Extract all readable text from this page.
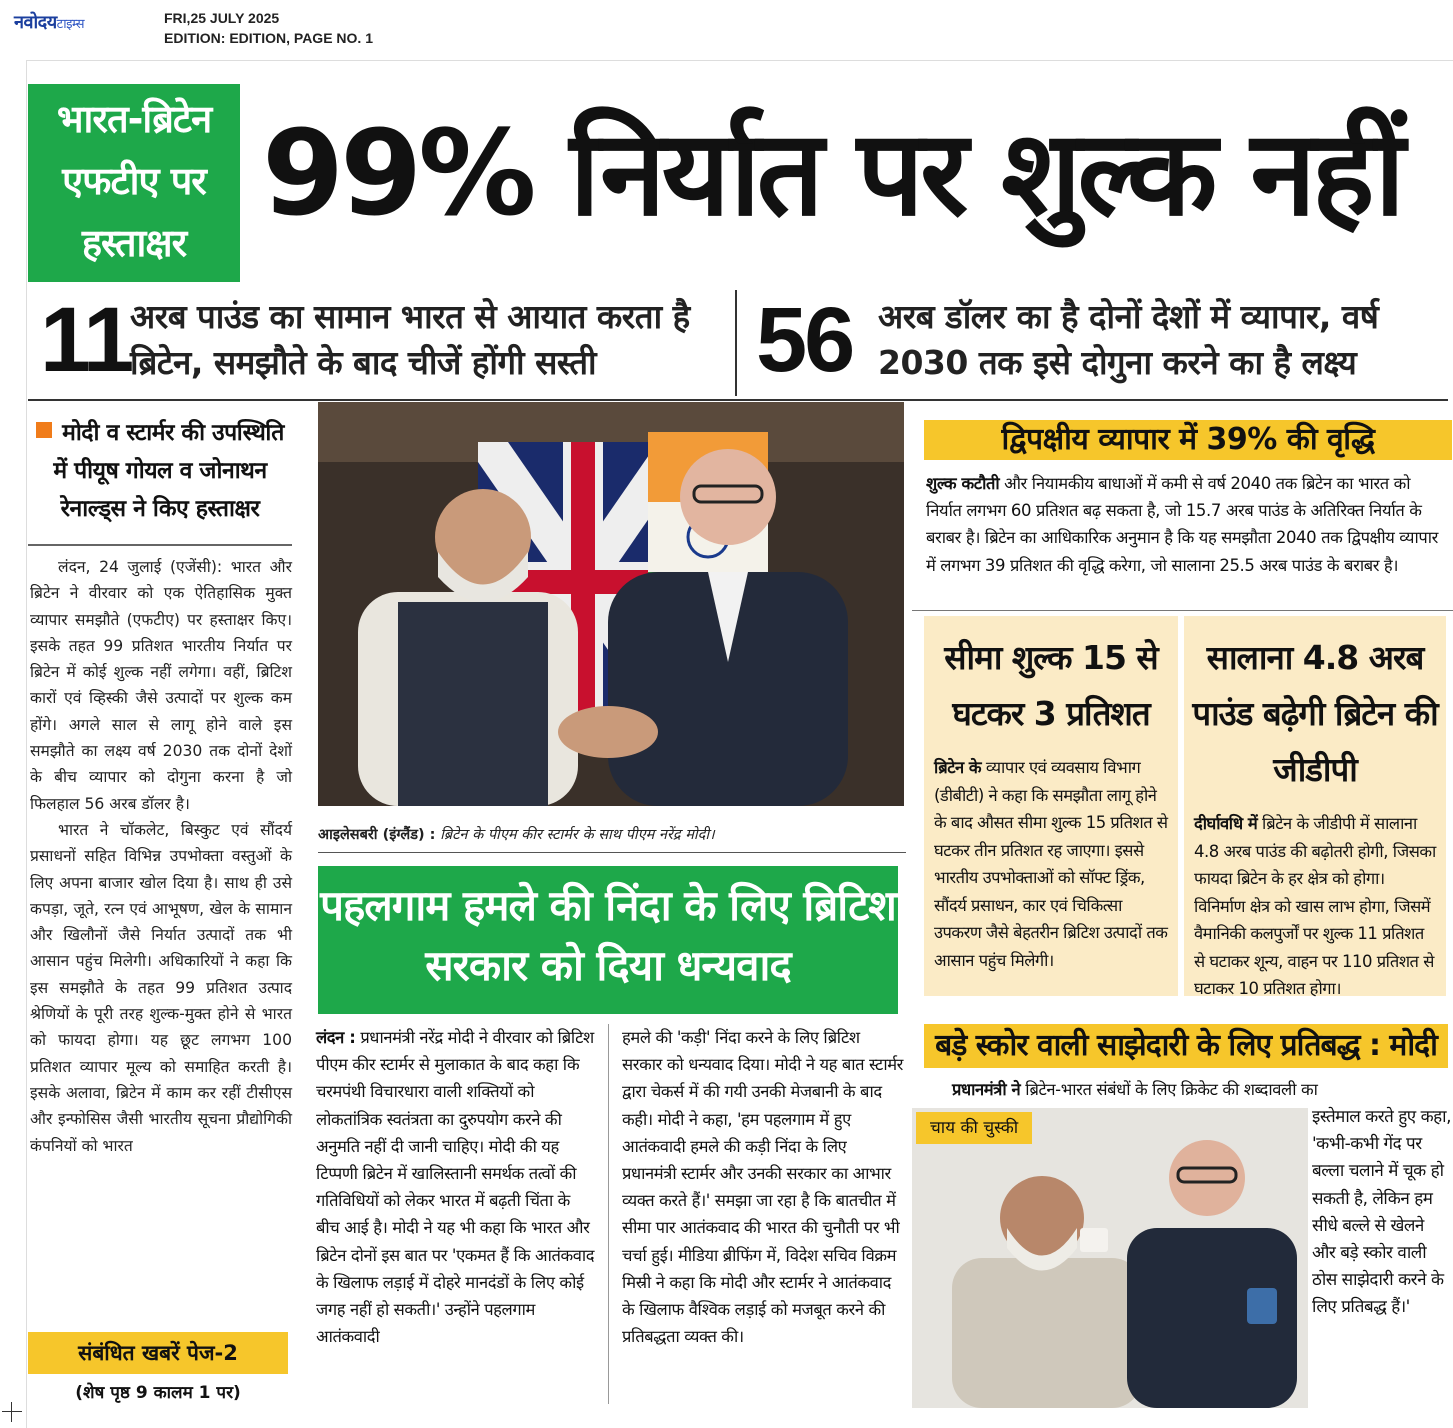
नवोदयटाइम्स	FRI,25 JULY 2025
EDITION: EDITION, PAGE NO. 1
भारत-ब्रिटेन एफटीए पर हस्ताक्षर
99% निर्यात पर शुल्क नहीं
11
अरब पाउंड का सामान भारत से आयात करता है ब्रिटेन, समझौते के बाद चीजें होंगी सस्ती	56 अरब डॉलर का है दोनों देशों में व्यापार, वर्ष 2030 तक इसे दोगुना करने का है लक्ष्य
मोदी व स्टार्मर की उपस्थिति में पीयूष गोयल व जोनाथन रेनाल्ड्स ने किए हस्ताक्षर

लंदन, 24 जुलाई (एजेंसी): भारत और ब्रिटेन ने वीरवार को एक ऐतिहासिक मुक्त व्यापार समझौते (एफटीए) पर हस्ताक्षर किए। इसके तहत 99 प्रतिशत भारतीय निर्यात पर ब्रिटेन में कोई शुल्क नहीं लगेगा। वहीं, ब्रिटिश कारों एवं व्हिस्की जैसे उत्पादों पर शुल्क कम होंगे। अगले साल से लागू होने वाले इस समझौते का लक्ष्य वर्ष 2030 तक दोनों देशों के बीच व्यापार को दोगुना करना है जो फिलहाल 56 अरब डॉलर है।

भारत ने चॉकलेट, बिस्कुट एवं सौंदर्य प्रसाधनों सहित विभिन्न उपभोक्ता वस्तुओं के लिए अपना बाजार खोल दिया है। साथ ही उसे कपड़ा, जूते, रत्न एवं आभूषण, खेल के सामान और खिलौनों जैसे निर्यात उत्पादों तक भी आसान पहुंच मिलेगी। अधिकारियों ने कहा कि इस समझौते के तहत 99 प्रतिशत उत्पाद श्रेणियों के पूरी तरह शुल्क-मुक्त होने से भारत को फायदा होगा। यह छूट लगभग 100 प्रतिशत व्यापार मूल्य को समाहित करती है। इसके अलावा, ब्रिटेन में काम कर रहीं टीसीएस और इन्फोसिस जैसी भारतीय सूचना प्रौद्योगिकी कंपनियों को भारत

संबंधित खबरें पेज-2
(शेष पृष्ठ 9 कालम 1 पर)
आइलेसबरी (इंग्लैंड) : ब्रिटेन के पीएम कीर स्टार्मर के साथ पीएम नरेंद्र मोदी।
पहलगाम हमले की निंदा के लिए ब्रिटिश सरकार को दिया धन्यवाद
लंदन : प्रधानमंत्री नरेंद्र मोदी ने वीरवार को ब्रिटिश पीएम कीर स्टार्मर से मुलाकात के बाद कहा कि चरमपंथी विचारधारा वाली शक्तियों को लोकतांत्रिक स्वतंत्रता का दुरुपयोग करने की अनुमति नहीं दी जानी चाहिए। मोदी की यह टिप्पणी ब्रिटेन में खालिस्तानी समर्थक तत्वों की गतिविधियों को लेकर भारत में बढ़ती चिंता के बीच आई है। मोदी ने यह भी कहा कि भारत और ब्रिटेन दोनों इस बात पर 'एकमत हैं कि आतंकवाद के खिलाफ लड़ाई में दोहरे मानदंडों के लिए कोई जगह नहीं हो सकती।' उन्होंने पहलगाम आतंकवादी
हमले की 'कड़ी' निंदा करने के लिए ब्रिटिश सरकार को धन्यवाद दिया। मोदी ने यह बात स्टार्मर द्वारा चेकर्स में की गयी उनकी मेजबानी के बाद कही। मोदी ने कहा, 'हम पहलगाम में हुए आतंकवादी हमले की कड़ी निंदा के लिए प्रधानमंत्री स्टार्मर और उनकी सरकार का आभार व्यक्त करते हैं।' समझा जा रहा है कि बातचीत में सीमा पार आतंकवाद की भारत की चुनौती पर भी चर्चा हुई। मीडिया ब्रीफिंग में, विदेश सचिव विक्रम मिस्री ने कहा कि मोदी और स्टार्मर ने आतंकवाद के खिलाफ वैश्विक लड़ाई को मजबूत करने की प्रतिबद्धता व्यक्त की।
द्विपक्षीय व्यापार में 39% की वृद्धि
शुल्क कटौती और नियामकीय बाधाओं में कमी से वर्ष 2040 तक ब्रिटेन का भारत को निर्यात लगभग 60 प्रतिशत बढ़ सकता है, जो 15.7 अरब पाउंड के अतिरिक्त निर्यात के बराबर है। ब्रिटेन का आधिकारिक अनुमान है कि यह समझौता 2040 तक द्विपक्षीय व्यापार में लगभग 39 प्रतिशत की वृद्धि करेगा, जो सालाना 25.5 अरब पाउंड के बराबर है।
सीमा शुल्क 15 से घटकर 3 प्रतिशत
ब्रिटेन के व्यापार एवं व्यवसाय विभाग (डीबीटी) ने कहा कि समझौता लागू होने के बाद औसत सीमा शुल्क 15 प्रतिशत से घटकर तीन प्रतिशत रह जाएगा। इससे भारतीय उपभोक्ताओं को सॉफ्ट ड्रिंक, सौंदर्य प्रसाधन, कार एवं चिकित्सा उपकरण जैसे बेहतरीन ब्रिटिश उत्पादों तक आसान पहुंच मिलेगी।
सालाना 4.8 अरब पाउंड बढ़ेगी ब्रिटेन की जीडीपी
दीर्घावधि में ब्रिटेन के जीडीपी में सालाना 4.8 अरब पाउंड की बढ़ोतरी होगी, जिसका फायदा ब्रिटेन के हर क्षेत्र को होगा। विनिर्माण क्षेत्र को खास लाभ होगा, जिसमें वैमानिकी कलपुर्जों पर शुल्क 11 प्रतिशत से घटाकर शून्य, वाहन पर 110 प्रतिशत से घटाकर 10 प्रतिशत होगा।
बड़े स्कोर वाली साझेदारी के लिए प्रतिबद्ध : मोदी
प्रधानमंत्री ने ब्रिटेन-भारत संबंधों के लिए क्रिकेट की शब्दावली का
चाय की चुस्की
इस्तेमाल करते हुए कहा, 'कभी-कभी गेंद पर बल्ला चलाने में चूक हो सकती है, लेकिन हम सीधे बल्ले से खेलने और बड़े स्कोर वाली ठोस साझेदारी करने के लिए प्रतिबद्ध हैं।'
